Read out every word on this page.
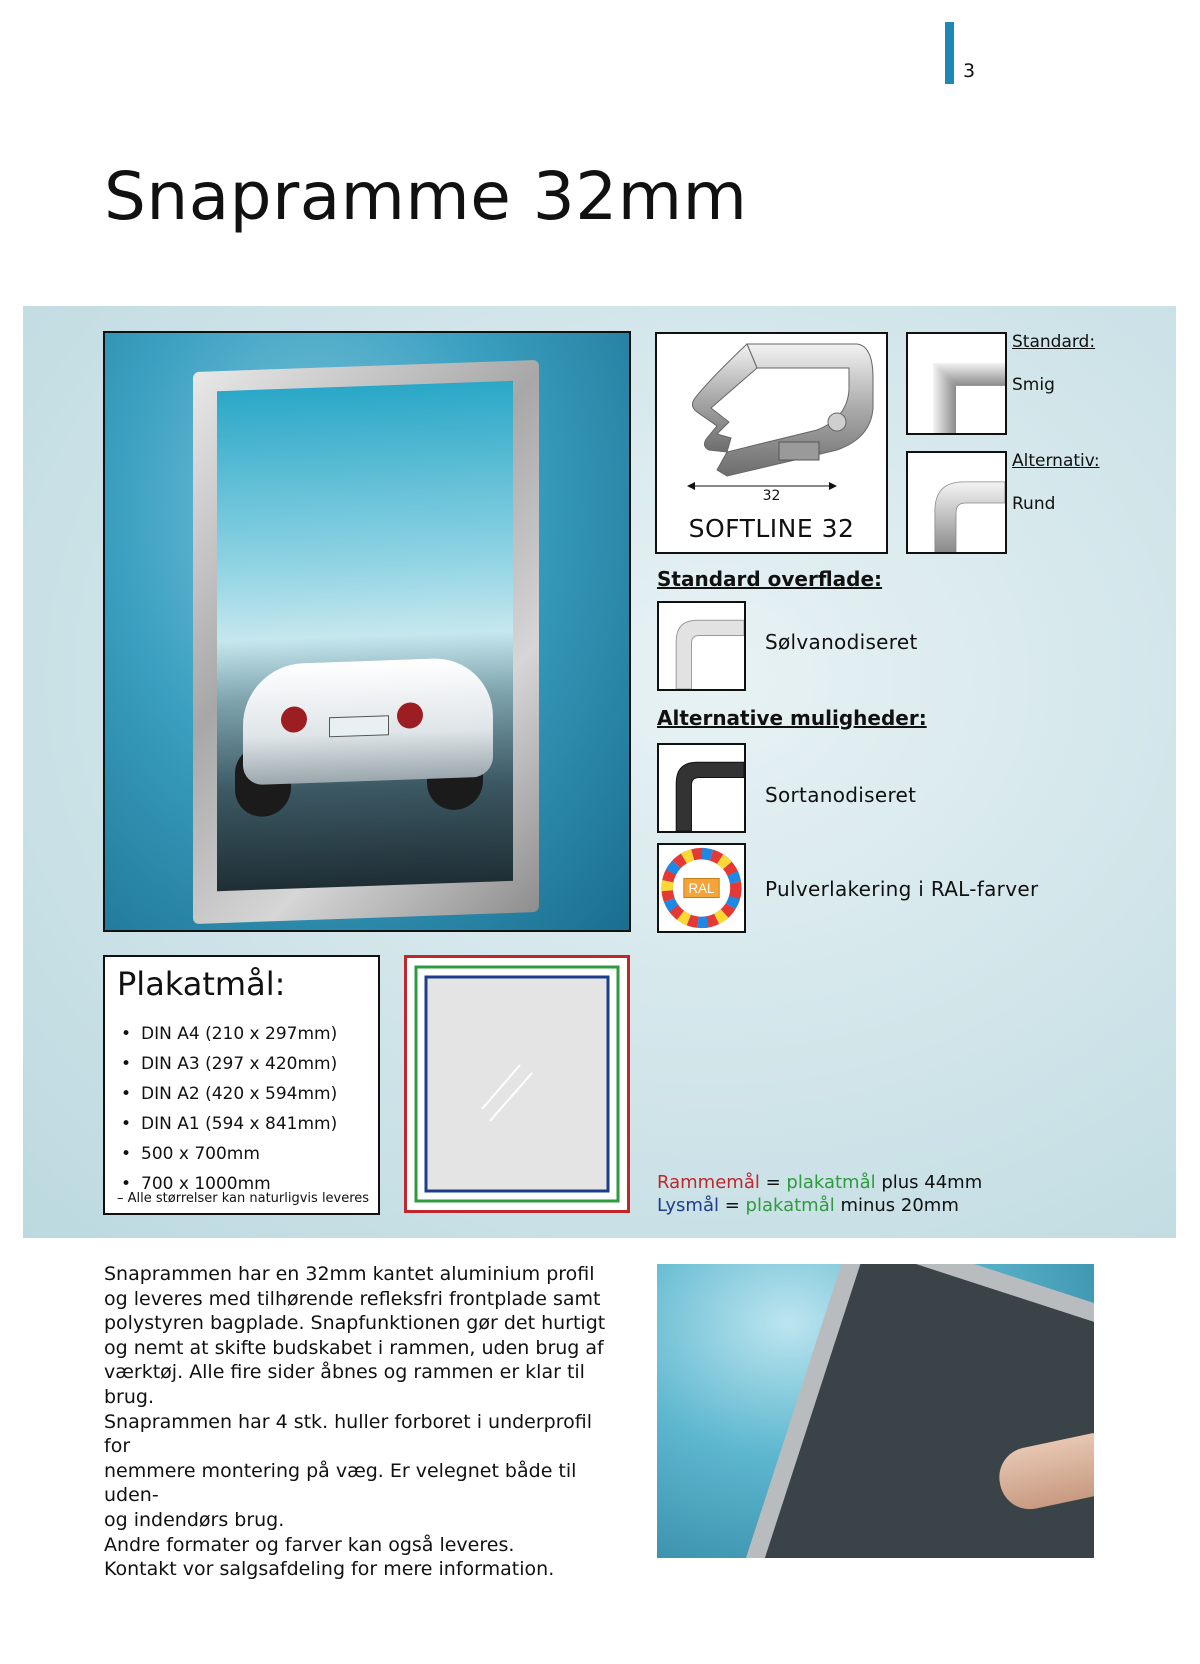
3
Snapramme 32mm
32
SOFTLINE 32
Standard:
Smig
Alternativ:
Rund
Standard overflade:
Sølvanodiseret
Alternative muligheder:
Sortanodiseret
RAL	Pulverlakering i RAL-farver
Plakatmål:
• DIN A4 (210 x 297mm)
• DIN A3 (297 x 420mm)
• DIN A2 (420 x 594mm)
• DIN A1 (594 x 841mm)
• 500 x 700mm
• 700 x 1000mm
– Alle størrelser kan naturligvis leveres
Rammemål = plakatmål plus 44mm
Lysmål = plakatmål minus 20mm

Snaprammen har en 32mm kantet aluminium profil

og leveres med tilhørende refleksfri frontplade samt

polystyren bagplade. Snapfunktionen gør det hurtigt

og nemt at skifte budskabet i rammen, uden brug af

værktøj. Alle fire sider åbnes og rammen er klar til brug.

Snaprammen har 4 stk. huller forboret i underprofil for

nemmere montering på væg. Er velegnet både til uden-

og indendørs brug.

Andre formater og farver kan også leveres.

Kontakt vor salgsafdeling for mere information.
